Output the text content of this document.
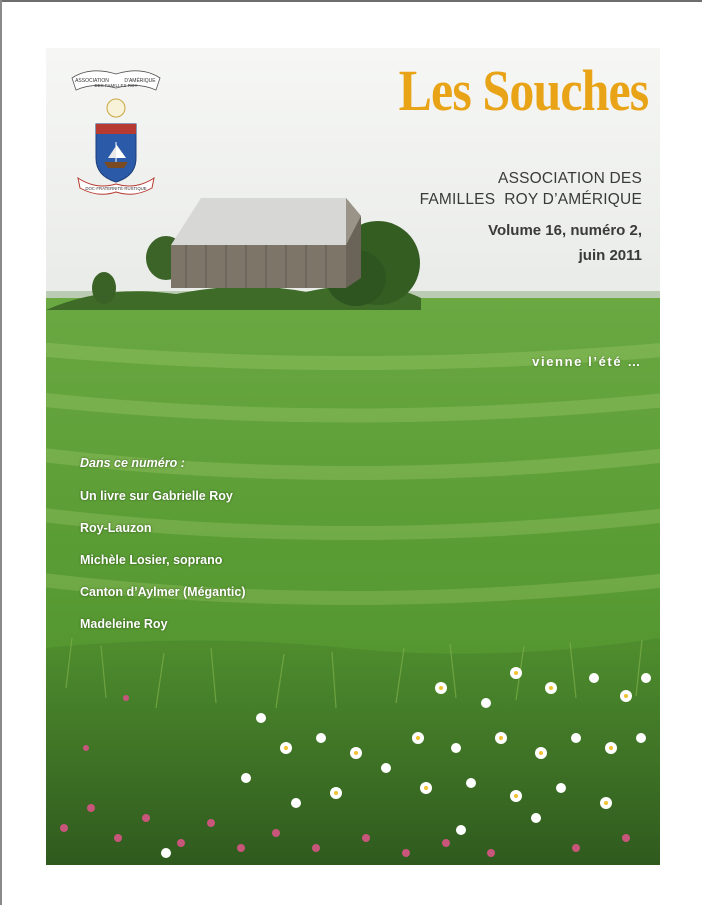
ASSOCIATION	D'AMÉRIQUE
DES FAMILLES ROY
DOC·FRATERNITÉ·RUSTIQUE
Les Souches
ASSOCIATION DES
FAMILLES  ROY D’AMÉRIQUE
Volume 16, numéro 2,
juin 2011
vienne l’été …
Dans ce numéro :
Un livre sur Gabrielle Roy
Roy-Lauzon
Michèle Losier, soprano
Canton d’Aylmer (Mégantic)
Madeleine Roy
